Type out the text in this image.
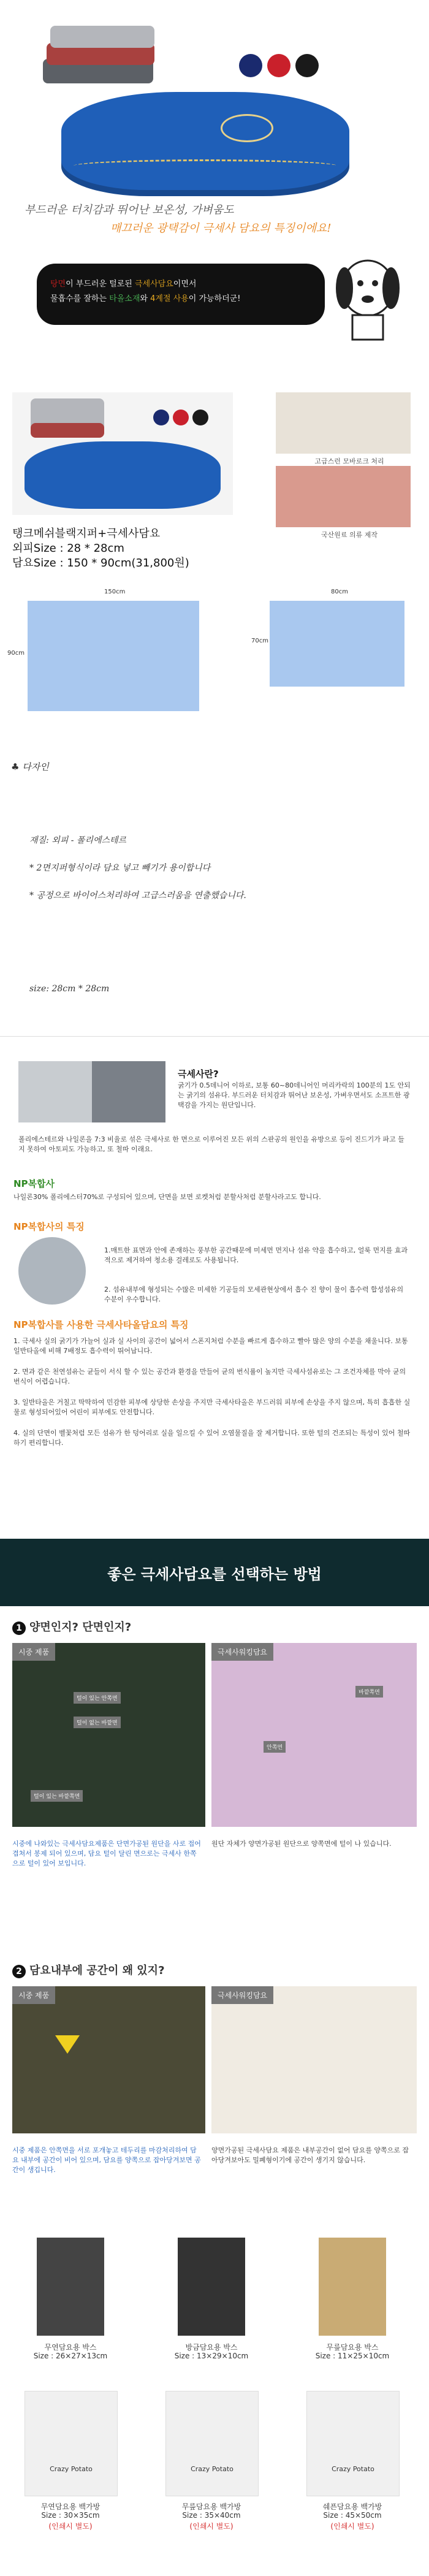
부드러운 터치감과 뛰어난 보온성, 가벼움도
매끄러운 광택감이 극세사 담요의 특징이에요!
탕면이 부드러운 털로된 극세사담요이면서
물흡수를 잘하는 타올소재와 4계절 사용이 가능하더군!
고급스런 모바로크 처리
국산원료 의류 제작
탱크메쉬블랙지퍼+극세사담요
외피Size : 28 * 28cm
담요Size : 150 * 90cm(31,800원)
150cm
90cm
80cm
70cm
♣ 다자인
재질: 외피 - 폴리에스테르
* 2면지퍼형식이라 담요 넣고 빼기가 용이합니다
* 공정으로 바이어스처리하여 고급스러움을 연출했습니다.
size: 28cm * 28cm
극세사란?
굵기가 0.5데니어 이하로, 보통 60~80데니어인 머리카락의 100분의 1도 안되는 굵기의 섬유다. 부드러운 터치감과 뛰어난 보온성, 가벼우면서도 소프트한 광택감을 가지는 원단입니다.
폴리에스테르와 나일론을 7:3 비율로 섞은 극세사로 한 면으로 이루어진 모든 위의 스판공의 원인을 유방으로 등이 진드기가 파고 들지 못하여 아토피도 가능하고, 또 철따 이래요.
NP복합사
나일론30% 폴리에스터70%로 구성되어 있으며, 단면을 보면 로켓처럼 분할사처럼 분할사라고도 합니다.
NP복합사의 특징
1.매트한 표면과 안에 존재하는 풍부한 공간때문에 미세먼 먼지나 섬유 약을 흡수하고, 얼룩 먼지를 효과적으로 제거하여 청소용 걸레로도 사용됩니다.
2. 섬유내부에 형성되는 수많은 미세한 기공들의 모세관현상에서 흡수 진 향이 물이 흡수력 합성섬유의 수분이 우수합니다.
NP복합사를 사용한 극세사타올담요의 특징
1. 극세사 실의 굵기가 가늘어 실과 실 사이의 공간이 넓어서 스폰지처럼 수분을 빠르게 흡수하고 빨아 많은 양의 수분을 채울니다. 보통 일반타올에 비해 7배정도 흡수력이 뛰어납니다.
2. 면과 같은 천연섬유는 균들이 서식 할 수 있는 공간과 환경을 만들어 균의 번식률이 높지만 극세사섬유로는 그 조건자체를 막아 균의 번식이 어렵습니다.
3. 일반타올은 거칠고 딱딱하여 민감한 피부에 상당한 손상을 주지만 극세사타올은 부드러워 피부에 손상을 주지 않으며, 특히 흡흡한 실물로 형성되어있어 어린이 피부에도 안전합니다.
4. 실의 단면이 벨꽃처럼 모든 섬유가 한 덩어리로 실을 일으킬 수 있어 오염물질을 잘 제거합니다. 또한 털의 건조되는 특성이 있어 철따하기 편리합니다.
좋은 극세사담요를 선택하는 방법
1 양면인지? 단면인지?
시중 제품	극세사워킹담요
털이 있는 안쪽면
털이 없는 바깥면
털이 있는 바깥쪽면
바깥쪽면
안쪽면
시중에 나와있는 극세사담요제품은 단면가공된 원단을 사로 접어 겹쳐서 봉제 되어 있으며, 담요 털이 달린 면으로는 극세사 한쪽으로 털이 있어 보입니다.
원단 자체가 양면가공된 원단으로 양쪽면에 털이 나 있습니다.
2 담요내부에 공간이 왜 있지?
시중 제품	극세사워킹담요
시중 제품은 안쪽면을 서로 포개놓고 테두리를 마감처리하여 담요 내부에 공간이 비어 있으며, 담요를 양쪽으로 잡아당겨보면 공간이 생깁니다.
양면가공된 극세사담요 제품은 내부공간이 없어 담요를 양쪽으로 잡아당겨보아도 밀폐형이기에 공간이 생기지 않습니다.
무연담요용 박스
Size : 26×27×13cm
방금담요용 박스
Size : 13×29×10cm
무릎담요용 박스
Size : 11×25×10cm
Crazy Potato	Crazy Potato	Crazy Potato
무연담요용 백가방
Size : 30×35cm
(인쇄시 별도)
무릎담요용 백가방
Size : 35×40cm
(인쇄시 별도)
쉐픈담요용 백가방
Size : 45×50cm
(인쇄시 별도)
